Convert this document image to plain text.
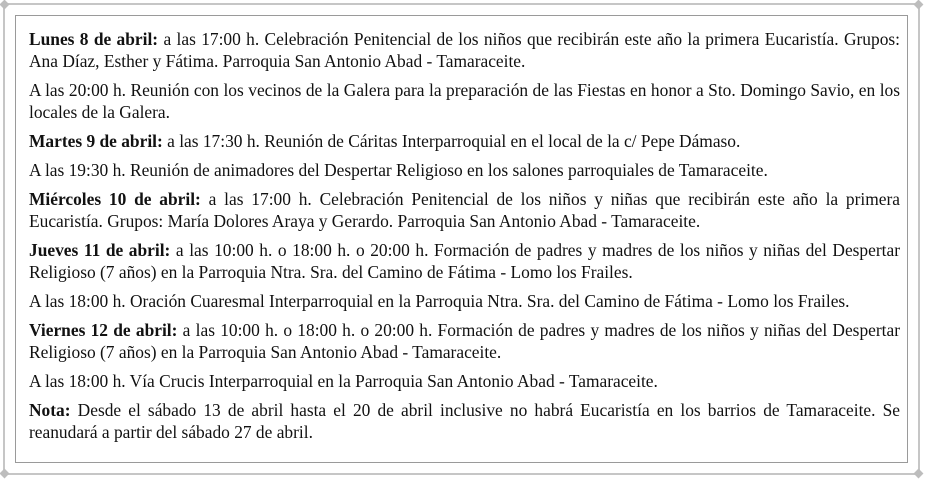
Lunes 8 de abril: a las 17:00 h. Celebración Penitencial de los niños que recibirán este año la primera Eucaristía. Grupos: Ana Díaz, Esther y Fátima. Parroquia San Antonio Abad - Tamaraceite.

A las 20:00 h. Reunión con los vecinos de la Galera para la preparación de las Fiestas en honor a Sto. Domingo Savio, en los locales de la Galera.

Martes 9 de abril: a las 17:30 h. Reunión de Cáritas Interparroquial en el local de la c/ Pepe Dámaso.

A las 19:30 h. Reunión de animadores del Despertar Religioso en los salones parroquiales de Tamaraceite.

Miércoles 10 de abril: a las 17:00 h. Celebración Penitencial de los niños y niñas que recibirán este año la primera Eucaristía. Grupos: María Dolores Araya y Gerardo. Parroquia San Antonio Abad - Tamaraceite.

Jueves 11 de abril: a las 10:00 h. o 18:00 h. o 20:00 h. Formación de padres y madres de los niños y niñas del Despertar Religioso (7 años) en la Parroquia Ntra. Sra. del Camino de Fátima - Lomo los Frailes.

A las 18:00 h. Oración Cuaresmal Interparroquial en la Parroquia Ntra. Sra. del Camino de Fátima - Lomo los Frailes.

Viernes 12 de abril: a las 10:00 h. o 18:00 h. o 20:00 h. Formación de padres y madres de los niños y niñas del Despertar Religioso (7 años) en la Parroquia San Antonio Abad - Tamaraceite.

A las 18:00 h. Vía Crucis Interparroquial en la Parroquia San Antonio Abad - Tamaraceite.

Nota: Desde el sábado 13 de abril hasta el 20 de abril inclusive no habrá Eucaristía en los barrios de Tamaraceite. Se reanudará a partir del sábado 27 de abril.
